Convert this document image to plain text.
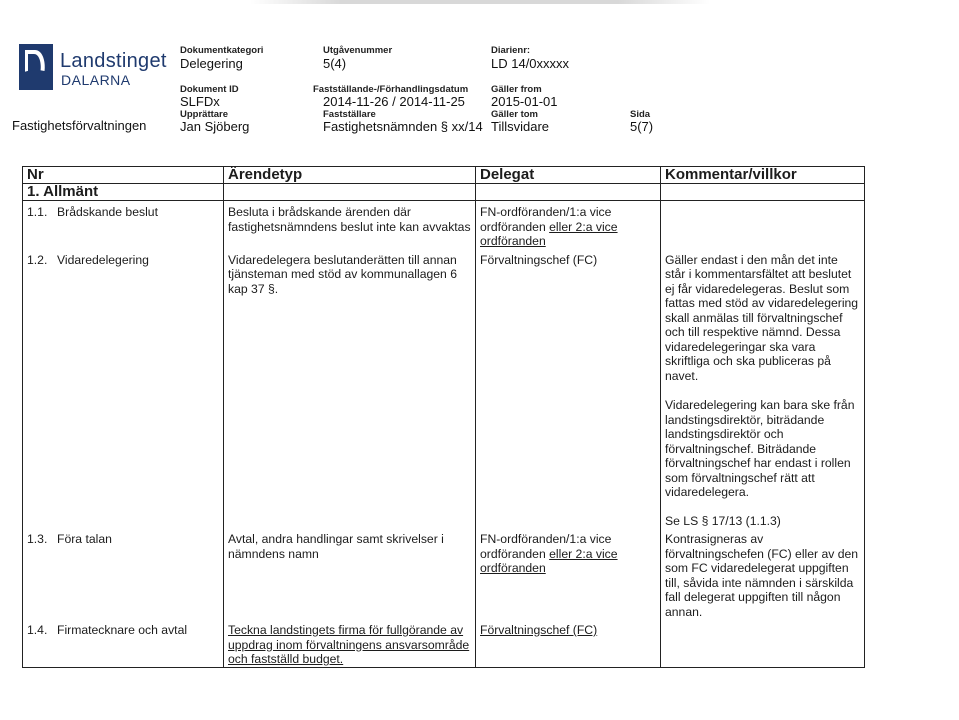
Landstinget
DALARNA
Fastighetsförvaltningen
Dokumentkategori
Delegering
Utgåvenummer
5(4)
Diarienr:
LD 14/0xxxxx
Dokument ID
SLFDx
Fastställande-/Förhandlingsdatum
2014-11-26 / 2014-11-25
Gäller from
2015-01-01
Upprättare
Jan Sjöberg
Fastställare
Fastighetsnämnden § xx/14
Gäller tom
Tillsvidare
Sida
5(7)
Nr	Ärendetyp	Delegat	Kommentar/villkor
1. Allmänt			
1.1. Brådskande beslut	Besluta i brådskande ärenden där fastighetsnämndens beslut inte kan avvaktas	FN-ordföranden/1:a vice ordföranden eller 2:a vice ordföranden	
1.2. Vidaredelegering	Vidaredelegera beslutanderätten till annan tjänsteman med stöd av kommunallagen 6 kap 37 §.	Förvaltningschef (FC)	Gäller endast i den mån det inte står i kommentarsfältet att beslutet ej får vidaredelegeras. Beslut som fattas med stöd av vidaredelegering skall anmälas till förvaltningschef och till respektive nämnd. Dessa vidaredelegeringar ska vara skriftliga och ska publiceras på navet.
Vidaredelegering kan bara ske från landstingsdirektör, biträdande landstingsdirektör och förvaltningschef. Biträdande förvaltningschef har endast i rollen som förvaltningschef rätt att vidaredelegera.
Se LS § 17/13 (1.1.3)

1.3. Föra talan	Avtal, andra handlingar samt skrivelser i nämndens namn	FN-ordföranden/1:a vice ordföranden eller 2:a vice ordföranden	Kontrasigneras av förvaltningschefen (FC) eller av den som FC vidaredelegerat uppgiften till, såvida inte nämnden i särskilda fall delegerat uppgiften till någon annan.
1.4. Firmatecknare och avtal	Teckna landstingets firma för fullgörande av uppdrag inom förvaltningens ansvarsområde och fastställd budget.	Förvaltningschef (FC)	
